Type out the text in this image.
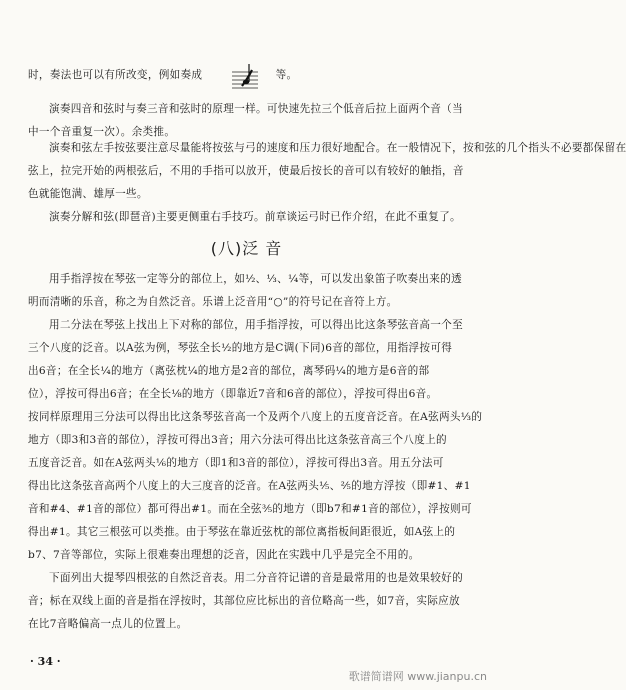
时，奏法也可以有所改变，例如奏成	等。

演奏四音和弦时与奏三音和弦时的原理一样。可快速先拉三个低音后拉上面两个音（当
中一个音重复一次）。余类推。
演奏和弦左手按弦要注意尽量能将按弦与弓的速度和压力很好地配合。在一般情况下，按和弦的几个指头不必要都保留在
弦上，拉完开始的两根弦后，不用的手指可以放开，使最后按长的音可以有较好的触指，音
色就能饱满、雄厚一些。
演奏分解和弦(即琶音)主要更侧重右手技巧。前章谈运弓时已作介绍，在此不重复了。
(八)泛 音
用手指浮按在琴弦一定等分的部位上，如½、⅓、¼等，可以发出象笛子吹奏出来的透
明而清晰的乐音，称之为自然泛音。乐谱上泛音用“○”的符号记在音符上方。
用二分法在琴弦上找出上下对称的部位，用手指浮按，可以得出比这条琴弦音高一个至
三个八度的泛音。以A弦为例，琴弦全长½的地方是C调(下同)6音的部位，用指浮按可得
出6音；在全长¼的地方（离弦枕¼的地方是2音的部位，离琴码¼的地方是6音的部
位），浮按可得出6音；在全长⅛的地方（即靠近7音和6音的部位），浮按可得出6音。
按同样原理用三分法可以得出比这条琴弦音高一个及两个八度上的五度音泛音。在A弦两头⅓的
地方（即3和3音的部位），浮按可得出3音；用六分法可得出比这条弦音高三个八度上的
五度音泛音。如在A弦两头⅙的地方（即1和3音的部位），浮按可得出3音。用五分法可
得出比这条弦音高两个八度上的大三度音的泛音。在A弦两头⅕、⅖的地方浮按（即#1、#1
音和#4、#1音的部位）都可得出#1。而在全弦⅗的地方（即b7和#1音的部位），浮按则可
得出#1。其它三根弦可以类推。由于琴弦在靠近弦枕的部位离指板间距很近，如A弦上的
b7、7音等部位，实际上很难奏出理想的泛音，因此在实践中几乎是完全不用的。
下面列出大提琴四根弦的自然泛音表。用二分音符记谱的音是最常用的也是效果较好的
音；标在双线上面的音是指在浮按时，其部位应比标出的音位略高一些，如7音，实际应放
在比7音略偏高一点儿的位置上。
· 34 ·
歌谱简谱网 www.jianpu.cn
